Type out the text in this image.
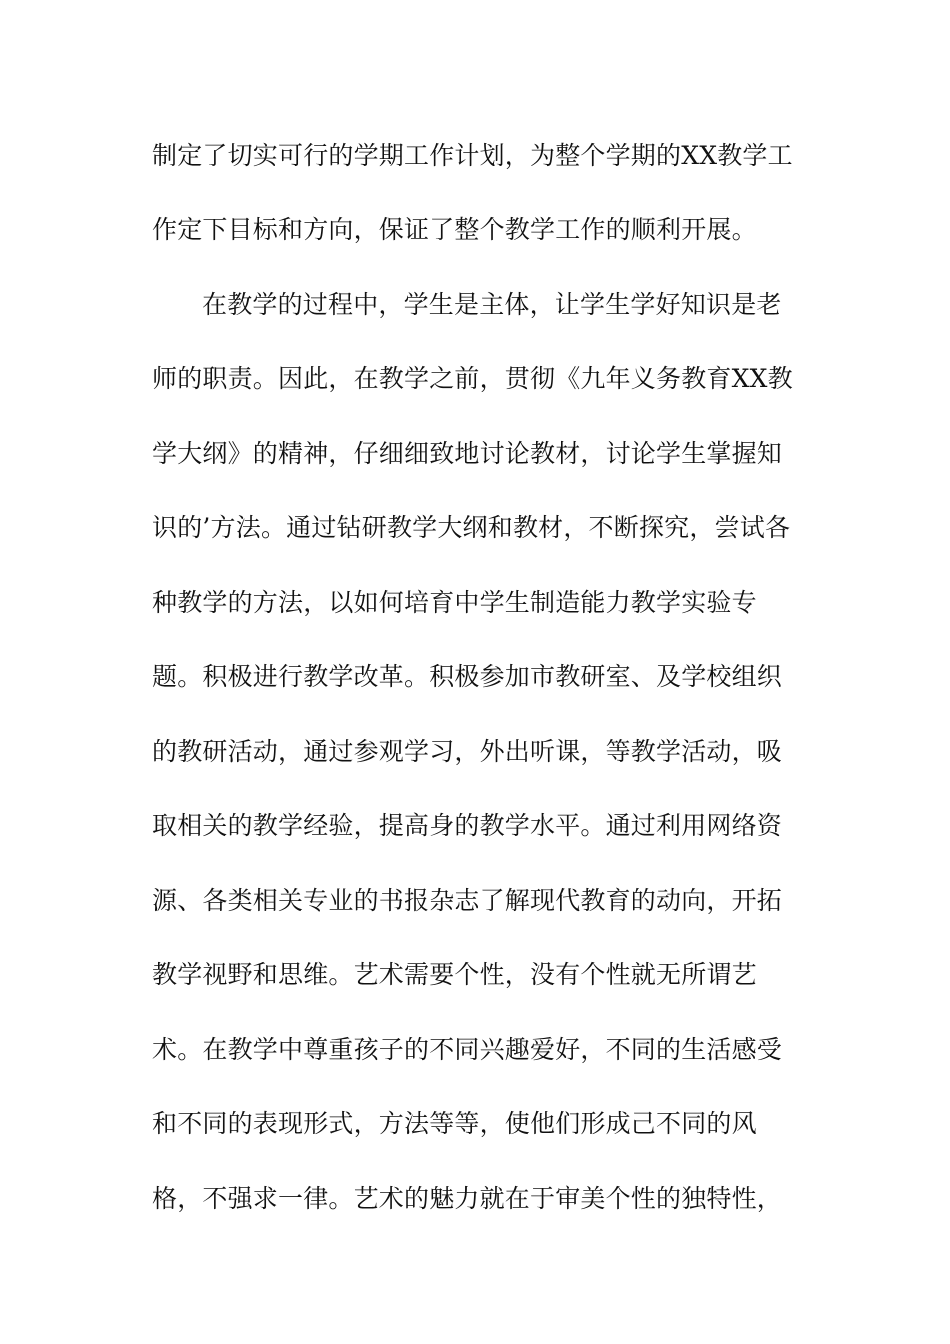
制定了切实可行的学期工作计划，为整个学期的XX教学工
作定下目标和方向，保证了整个教学工作的顺利开展。
在教学的过程中，学生是主体，让学生学好知识是老
师的职责。因此，在教学之前，贯彻《九年义务教育XX教
学大纲》的精神，仔细细致地讨论教材，讨论学生掌握知
识的’方法。通过钻研教学大纲和教材，不断探究，尝试各
种教学的方法，以如何培育中学生制造能力教学实验专
题。积极进行教学改革。积极参加市教研室、及学校组织
的教研活动，通过参观学习，外出听课，等教学活动，吸
取相关的教学经验，提高身的教学水平。通过利用网络资
源、各类相关专业的书报杂志了解现代教育的动向，开拓
教学视野和思维。艺术需要个性，没有个性就无所谓艺
术。在教学中尊重孩子的不同兴趣爱好，不同的生活感受
和不同的表现形式，方法等等，使他们形成己不同的风
格，不强求一律。艺术的魅力就在于审美个性的独特性，
